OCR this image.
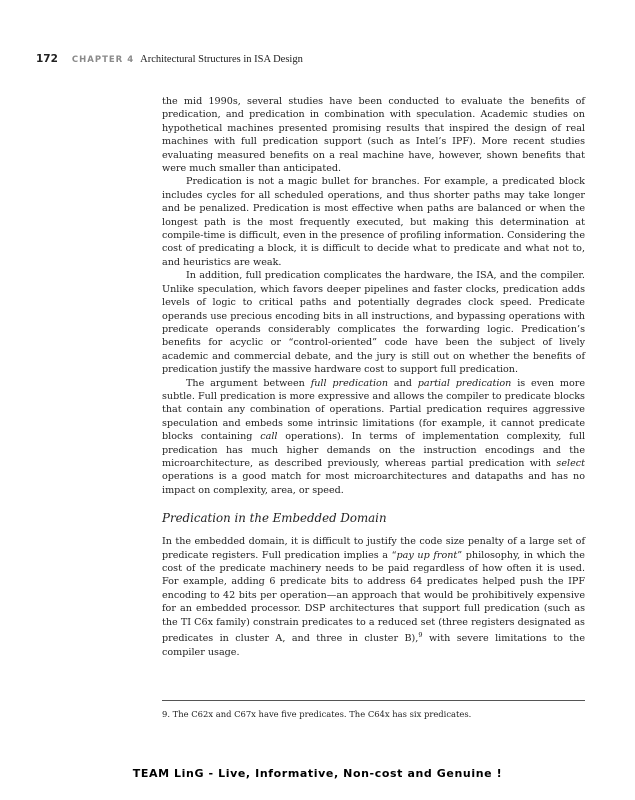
172 CHAPTER 4 Architectural Structures in ISA Design

the mid 1990s, several studies have been conducted to evaluate the benefits of predication, and predication in combination with speculation. Academic studies on hypothetical machines presented promising results that inspired the design of real machines with full predication support (such as Intel’s IPF). More recent studies evaluating measured benefits on a real machine have, however, shown benefits that were much smaller than anticipated.

Predication is not a magic bullet for branches. For example, a predicated block includes cycles for all scheduled operations, and thus shorter paths may take longer and be penalized. Predication is most effective when paths are balanced or when the longest path is the most frequently executed, but making this determination at compile-time is difficult, even in the presence of profiling information. Considering the cost of predicating a block, it is difficult to decide what to predicate and what not to, and heuristics are weak.

In addition, full predication complicates the hardware, the ISA, and the compiler. Unlike speculation, which favors deeper pipelines and faster clocks, predication adds levels of logic to critical paths and potentially degrades clock speed. Predicate operands use precious encoding bits in all instructions, and bypassing operations with predicate operands considerably complicates the forwarding logic. Predication’s benefits for acyclic or “control-oriented” code have been the subject of lively academic and commercial debate, and the jury is still out on whether the benefits of predication justify the massive hardware cost to support full predication.

The argument between full predication and partial predication is even more subtle. Full predication is more expressive and allows the compiler to predicate blocks that contain any combination of operations. Partial predication requires aggressive speculation and embeds some intrinsic limitations (for example, it cannot predicate blocks containing call operations). In terms of implementation complexity, full predication has much higher demands on the instruction encodings and the microarchitecture, as described previously, whereas partial predication with select operations is a good match for most microarchitectures and datapaths and has no impact on complexity, area, or speed.

Predication in the Embedded Domain

In the embedded domain, it is difficult to justify the code size penalty of a large set of predicate registers. Full predication implies a “pay up front” philosophy, in which the cost of the predicate machinery needs to be paid regardless of how often it is used. For example, adding 6 predicate bits to address 64 predicates helped push the IPF encoding to 42 bits per operation—an approach that would be prohibitively expensive for an embedded processor. DSP architectures that support full predication (such as the TI C6x family) constrain predicates to a reduced set (three registers designated as predicates in cluster A, and three in cluster B),$^9$ with severe limitations to the compiler usage.

9. The C62x and C67x have five predicates. The C64x has six predicates.
TEAM LinG - Live, Informative, Non-cost and Genuine !
